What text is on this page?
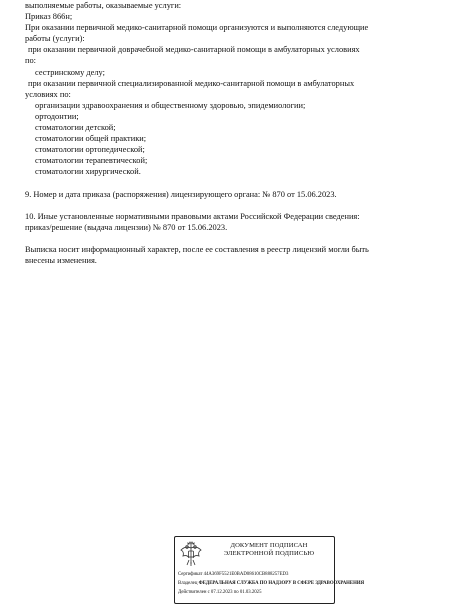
выполняемые работы, оказываемые услуги:
Приказ 866н;
При оказании первичной медико-санитарной помощи организуются и выполняются следующие
работы (услуги):
при оказании первичной доврачебной медико-санитарной помощи в амбулаторных условиях
по:
сестринскому делу;
при оказании первичной специализированной медико-санитарной помощи в амбулаторных
условиях по:
организации здравоохранения и общественному здоровью, эпидемиологии;
ортодонтии;
стоматологии детской;
стоматологии общей практики;
стоматологии ортопедической;
стоматологии терапевтической;
стоматологии хирургической.
9. Номер и дата приказа (распоряжения) лицензирующего органа: № 870 от 15.06.2023.
10. Иные установленные нормативными правовыми актами Российской Федерации сведения:
приказ/решение (выдача лицензии) № 870 от 15.06.2023.
Выписка носит информационный характер, после ее составления в реестр лицензий могли быть
внесены изменения.
ДОКУМЕНТ ПОДПИСАН
ЭЛЕКТРОННОЙ ПОДПИСЬЮ
Сертификат 44A369F5521E0BAD08610CB888257ED3
Владелец ФЕДЕРАЛЬНАЯ СЛУЖБА ПО НАДЗОРУ В СФЕРЕ ЗДРАВООХРАНЕНИЯ
Действителен с 07.12.2023 по 01.03.2025
